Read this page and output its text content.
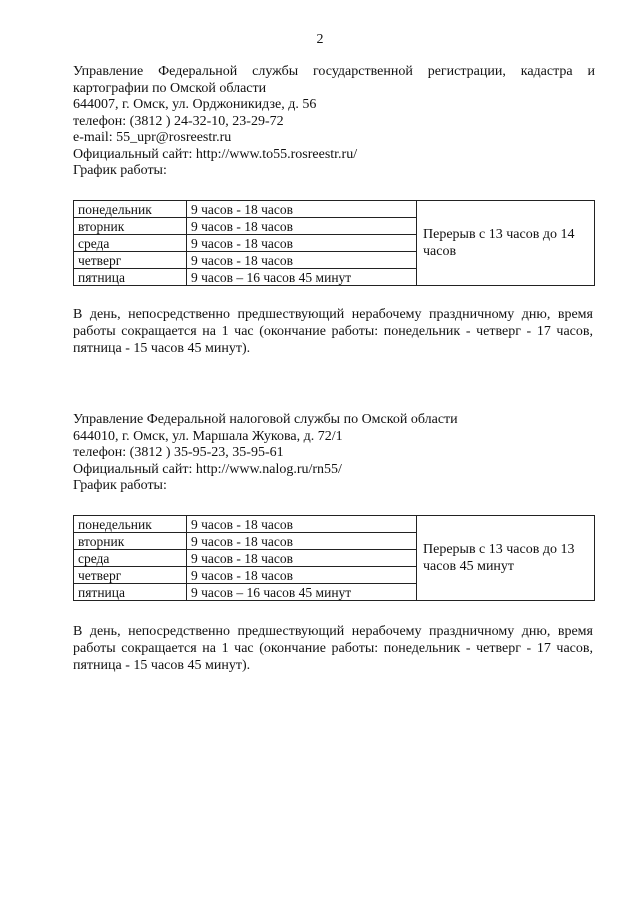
2
Управление Федеральной службы государственной регистрации, кадастра и картографии по Омской области
644007, г. Омск, ул. Орджоникидзе, д. 56
телефон: (3812 ) 24-32-10, 23-29-72
e-mail: 55_upr@rosreestr.ru
Официальный сайт: http://www.to55.rosreestr.ru/
График работы:
понедельник	9 часов - 18 часов	Перерыв с 13 часов до 14 часов
вторник	9 часов - 18 часов	
среда	9 часов - 18 часов	
четверг	9 часов - 18 часов	
пятница	9 часов – 16 часов 45 минут	
В день, непосредственно предшествующий нерабочему праздничному дню, время работы сокращается на 1 час (окончание работы: понедельник - четверг - 17 часов, пятница - 15 часов 45 минут).
Управление Федеральной налоговой службы по Омской области
644010, г. Омск, ул. Маршала Жукова, д. 72/1
телефон: (3812 ) 35-95-23, 35-95-61
Официальный сайт: http://www.nalog.ru/rn55/
График работы:
понедельник	9 часов - 18 часов	Перерыв с 13 часов до 13 часов 45 минут
вторник	9 часов - 18 часов	
среда	9 часов - 18 часов	
четверг	9 часов - 18 часов	
пятница	9 часов – 16 часов 45 минут	
В день, непосредственно предшествующий нерабочему праздничному дню, время работы сокращается на 1 час (окончание работы: понедельник - четверг - 17 часов, пятница - 15 часов 45 минут).
